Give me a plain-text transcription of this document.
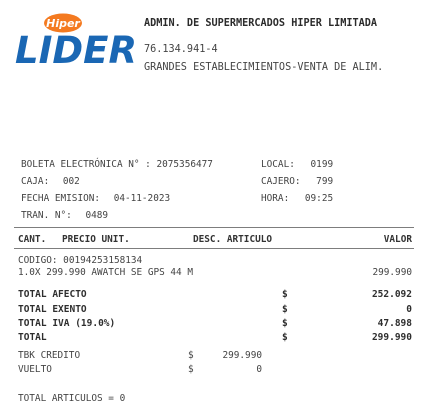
Hiper
LIDER
ADMIN. DE SUPERMERCADOS HIPER LIMITADA
76.134.941-4
GRANDES ESTABLECIMIENTOS-VENTA DE ALIM.
BOLETA ELECTRÓNICA N° : 2075356477	LOCAL: 0199
CAJA: 002	CAJERO: 799
FECHA EMISION: 04-11-2023	HORA: 09:25
TRAN. N°: 0489
CANT. PRECIO UNIT.	DESC. ARTICULO	VALOR
CODIGO: 00194253158134
1.0X 299.990 AWATCH SE GPS 44 M	299.990
TOTAL AFECTO	$	252.092
TOTAL EXENTO	$	0
TOTAL IVA (19.0%)	$	47.898
TOTAL	$	299.990
TBK CREDITO	$	299.990
VUELTO	$	0
TOTAL ARTICULOS = 0
